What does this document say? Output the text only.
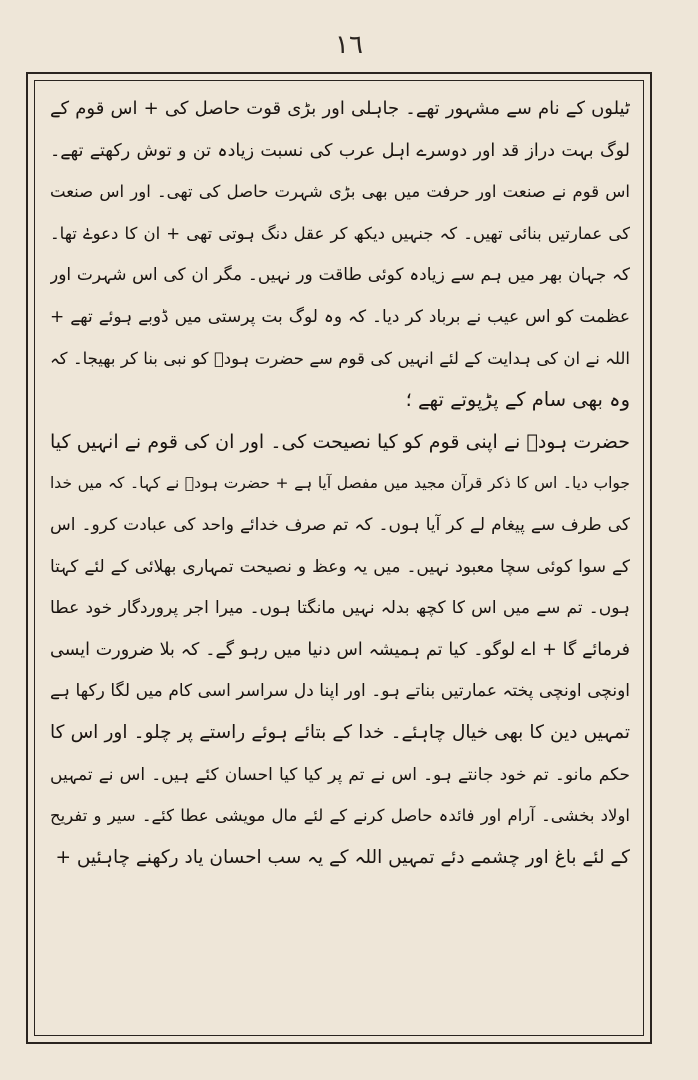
١٦
ٹیلوں کے نام سے مشہور تھے۔ جاہلی اور بڑی قوت حاصل کی + اس قوم کے
لوگ بہت دراز قد اور دوسرے اہل عرب کی نسبت زیادہ تن و توش رکھتے تھے۔
اس قوم نے صنعت اور حرفت میں بھی بڑی شہرت حاصل کی تھی۔ اور اس صنعت
کی عمارتیں بنائی تھیں۔ کہ جنہیں دیکھ کر عقل دنگ ہوتی تھی + ان کا دعوےٰ تھا۔
کہ جہان بھر میں ہم سے زیادہ کوئی طاقت ور نہیں۔ مگر ان کی اس شہرت اور
عظمت کو اس عیب نے برباد کر دیا۔ کہ وہ لوگ بت پرستی میں ڈوبے ہوئے تھے +
اللہ نے ان کی ہدایت کے لئے انہیں کی قوم سے حضرت ہودؑ کو نبی بنا کر بھیجا۔ کہ
وہ بھی سام کے پڑپوتے تھے ؛
حضرت ہودؑ نے اپنی قوم کو کیا نصیحت کی۔ اور ان کی قوم نے انہیں کیا
جواب دیا۔ اس کا ذکر قرآن مجید میں مفصل آیا ہے + حضرت ہودؑ نے کہا۔ کہ میں خدا
کی طرف سے پیغام لے کر آیا ہوں۔ کہ تم صرف خدائے واحد کی عبادت کرو۔ اس
کے سوا کوئی سچا معبود نہیں۔ میں یہ وعظ و نصیحت تمہاری بھلائی کے لئے کہتا
ہوں۔ تم سے میں اس کا کچھ بدلہ نہیں مانگتا ہوں۔ میرا اجر پروردگار خود عطا
فرمائے گا + اے لوگو۔ کیا تم ہمیشہ اس دنیا میں رہو گے۔ کہ بلا ضرورت ایسی
اونچی اونچی پختہ عمارتیں بناتے ہو۔ اور اپنا دل سراسر اسی کام میں لگا رکھا ہے
تمہیں دین کا بھی خیال چاہئے۔ خدا کے بتائے ہوئے راستے پر چلو۔ اور اس کا
حکم مانو۔ تم خود جانتے ہو۔ اس نے تم پر کیا کیا احسان کئے ہیں۔ اس نے تمہیں
اولاد بخشی۔ آرام اور فائدہ حاصل کرنے کے لئے مال مویشی عطا کئے۔ سیر و تفریح
کے لئے باغ اور چشمے دئے تمہیں اللہ کے یہ سب احسان یاد رکھنے چاہئیں +
